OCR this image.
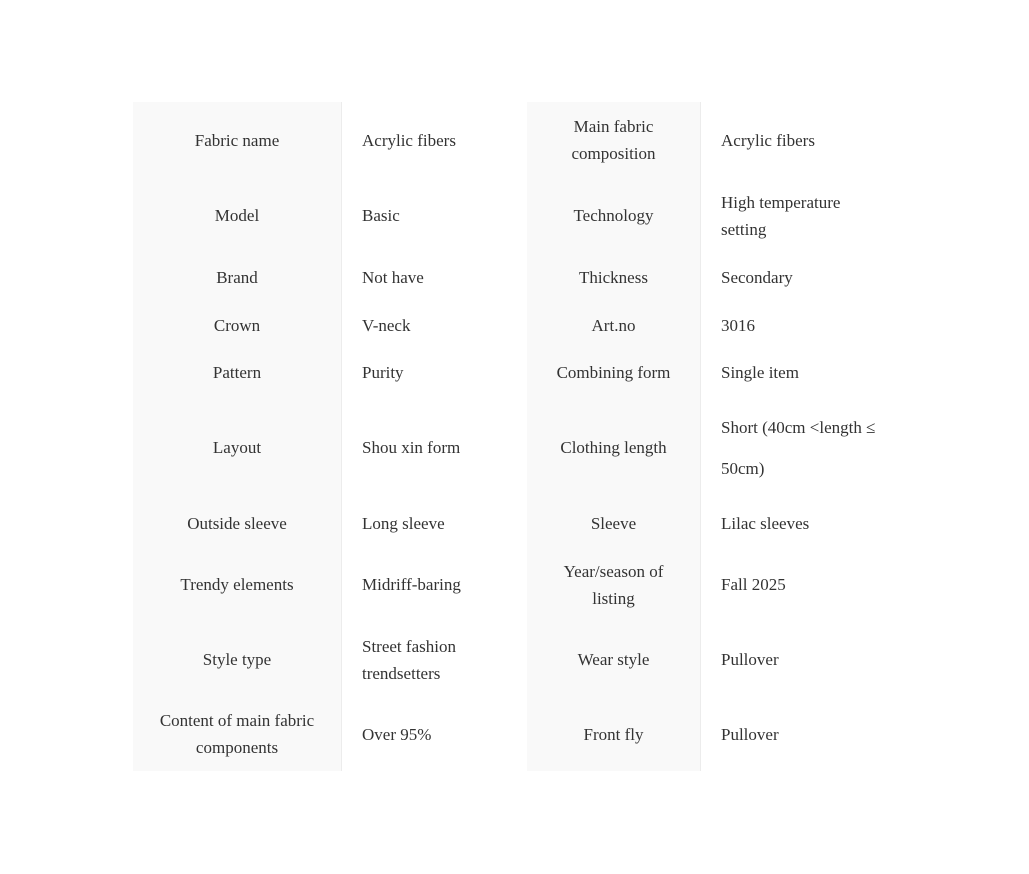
Fabric name	Acrylic fibers	Main fabric composition	Acrylic fibers
Model	Basic	Technology	High temperature setting
Brand	Not have	Thickness	Secondary
Crown	V-neck	Art.no	3016
Pattern	Purity	Combining form	Single item
Layout	Shou xin form	Clothing length	Short (40cm <length ≤ 50cm)
Outside sleeve	Long sleeve	Sleeve	Lilac sleeves
Trendy elements	Midriff-baring	Year/season of listing	Fall 2025
Style type	Street fashion trendsetters	Wear style	Pullover
Content of main fabric components	Over 95%	Front fly	Pullover
